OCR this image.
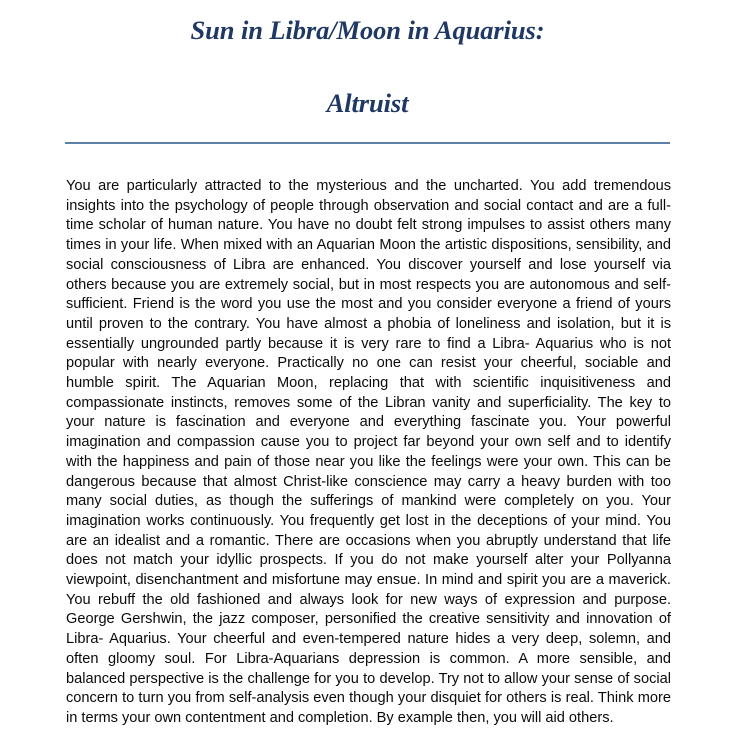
Sun in Libra/Moon in Aquarius:
Altruist

You are particularly attracted to the mysterious and the uncharted. You add tremendous insights into the psychology of people through observation and social contact and are a full-time scholar of human nature. You have no doubt felt strong impulses to assist others many times in your life. When mixed with an Aquarian Moon the artistic dispositions, sensibility, and social consciousness of Libra are enhanced. You discover yourself and lose yourself via others because you are extremely social, but in most respects you are autonomous and self-sufficient. Friend is the word you use the most and you consider everyone a friend of yours until proven to the contrary. You have almost a phobia of loneliness and isolation, but it is essentially ungrounded partly because it is very rare to find a Libra- Aquarius who is not popular with nearly everyone. Practically no one can resist your cheerful, sociable and humble spirit. The Aquarian Moon, replacing that with scientific inquisitiveness and compassionate instincts, removes some of the Libran vanity and superficiality. The key to your nature is fascination and everyone and everything fascinate you. Your powerful imagination and compassion cause you to project far beyond your own self and to identify with the happiness and pain of those near you like the feelings were your own. This can be dangerous because that almost Christ-like conscience may carry a heavy burden with too many social duties, as though the sufferings of mankind were completely on you. Your imagination works continuously. You frequently get lost in the deceptions of your mind. You are an idealist and a romantic. There are occasions when you abruptly understand that life does not match your idyllic prospects. If you do not make yourself alter your Pollyanna viewpoint, disenchantment and misfortune may ensue. In mind and spirit you are a maverick. You rebuff the old fashioned and always look for new ways of expression and purpose. George Gershwin, the jazz composer, personified the creative sensitivity and innovation of Libra- Aquarius. Your cheerful and even-tempered nature hides a very deep, solemn, and often gloomy soul. For Libra-Aquarians depression is common. A more sensible, and balanced perspective is the challenge for you to develop. Try not to allow your sense of social concern to turn you from self-analysis even though your disquiet for others is real. Think more in terms your own contentment and completion. By example then, you will aid others.
